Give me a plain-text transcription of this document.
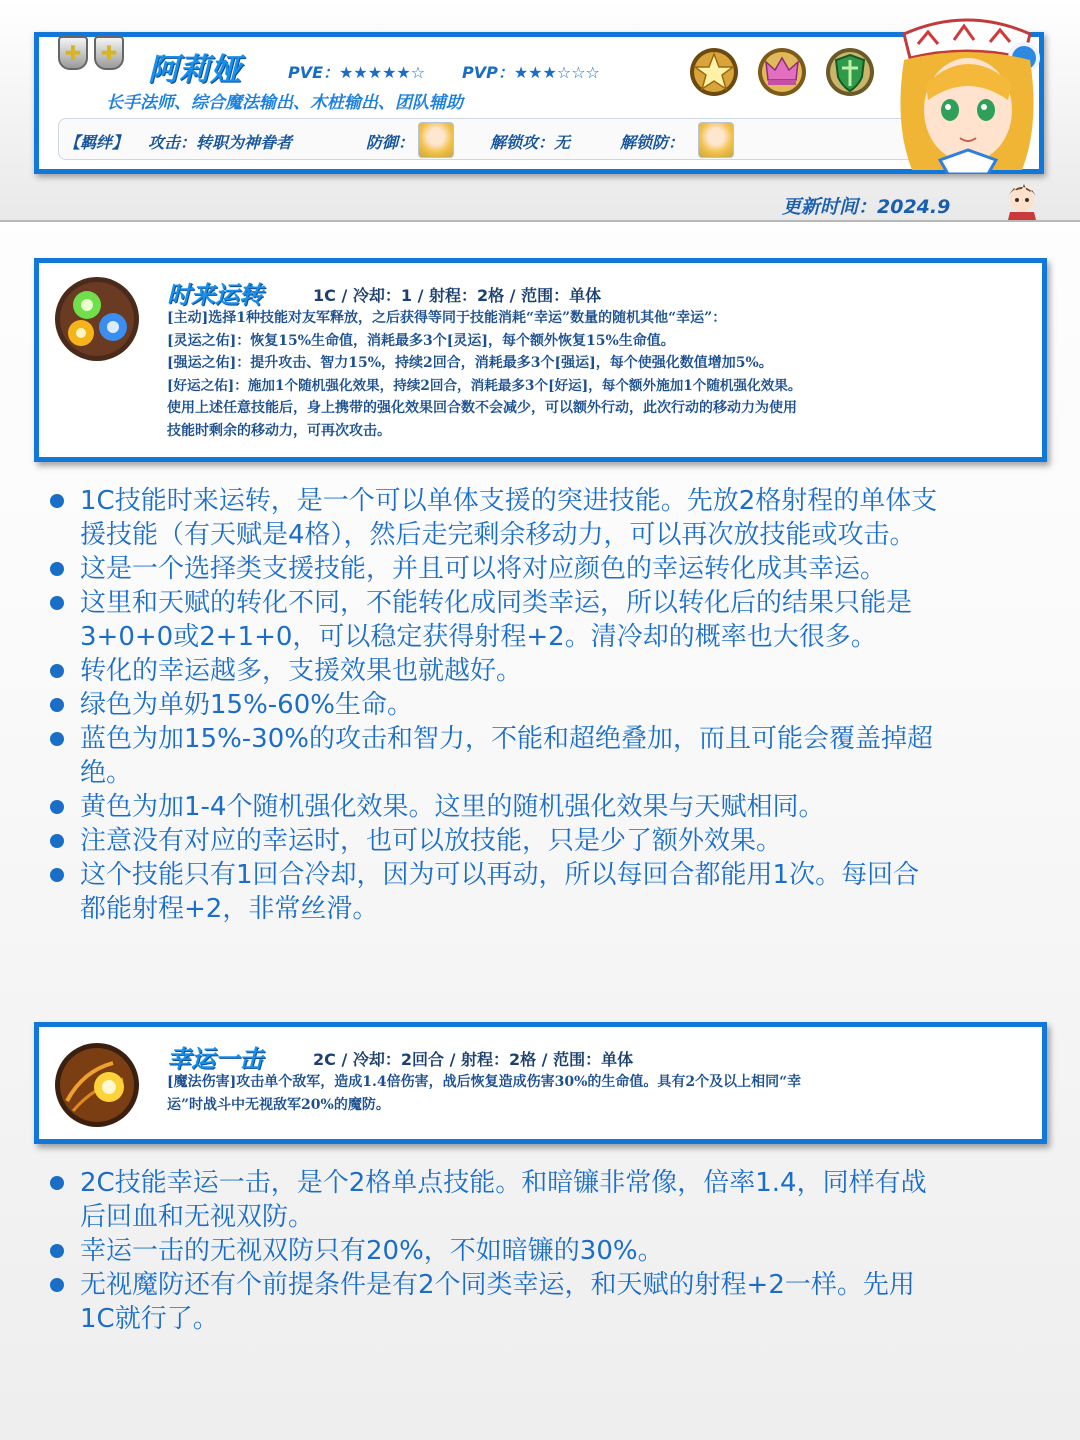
✚ ✚ 阿莉娅	PVE：★★★★★☆ PVP：★★★☆☆☆
长手法师、综合魔法输出、木桩输出、团队辅助
【羁绊】 攻击：转职为神眷者	防御：	解锁攻：无	解锁防：
更新时间：2024.9
时来运转	1C / 冷却：1 / 射程：2格 / 范围：单体
[主动]选择1种技能对友军释放，之后获得等同于技能消耗“幸运”数量的随机其他“幸运”：
[灵运之佑]：恢复15%生命值，消耗最多3个[灵运]，每个额外恢复15%生命值。
[强运之佑]：提升攻击、智力15%，持续2回合，消耗最多3个[强运]，每个使强化数值增加5%。
[好运之佑]：施加1个随机强化效果，持续2回合，消耗最多3个[好运]，每个额外施加1个随机强化效果。
使用上述任意技能后，身上携带的强化效果回合数不会减少，可以额外行动，此次行动的移动力为使用
技能时剩余的移动力，可再次攻击。
1C技能时来运转，是一个可以单体支援的突进技能。先放2格射程的单体支
援技能（有天赋是4格），然后走完剩余移动力，可以再次放技能或攻击。
这是一个选择类支援技能，并且可以将对应颜色的幸运转化成其幸运。
这里和天赋的转化不同，不能转化成同类幸运，所以转化后的结果只能是
3+0+0或2+1+0，可以稳定获得射程+2。清冷却的概率也大很多。
转化的幸运越多，支援效果也就越好。
绿色为单奶15%-60%生命。
蓝色为加15%-30%的攻击和智力，不能和超绝叠加，而且可能会覆盖掉超
绝。
黄色为加1-4个随机强化效果。这里的随机强化效果与天赋相同。
注意没有对应的幸运时，也可以放技能，只是少了额外效果。
这个技能只有1回合冷却，因为可以再动，所以每回合都能用1次。每回合
都能射程+2，非常丝滑。
幸运一击	2C / 冷却：2回合 / 射程：2格 / 范围：单体
[魔法伤害]攻击单个敌军，造成1.4倍伤害，战后恢复造成伤害30%的生命值。具有2个及以上相同“幸
运”时战斗中无视敌军20%的魔防。
2C技能幸运一击，是个2格单点技能。和暗镰非常像，倍率1.4，同样有战
后回血和无视双防。
幸运一击的无视双防只有20%，不如暗镰的30%。
无视魔防还有个前提条件是有2个同类幸运，和天赋的射程+2一样。先用
1C就行了。
